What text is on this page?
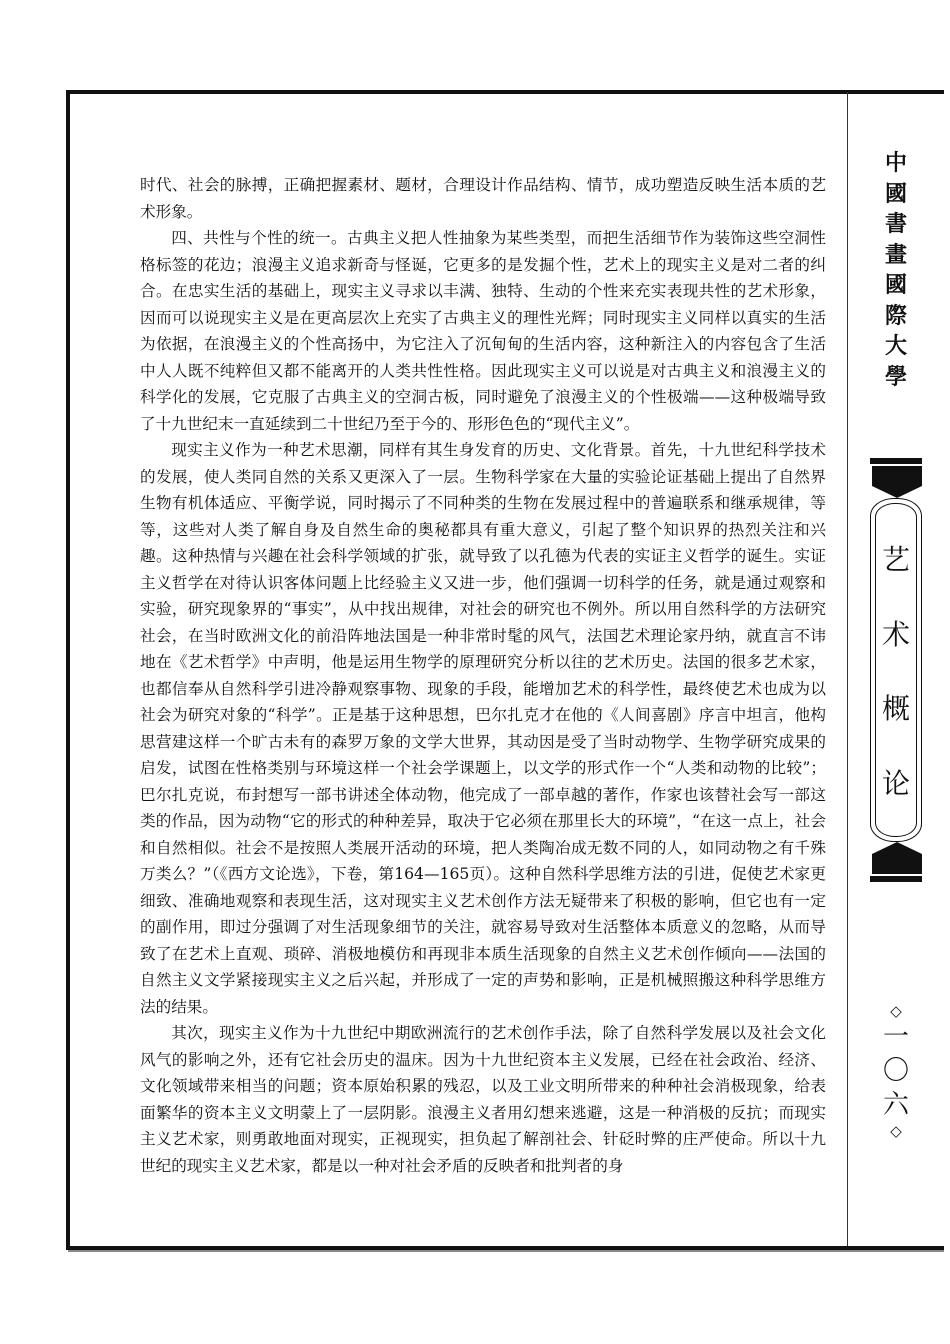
时代、社会的脉搏，正确把握素材、题材，合理设计作品结构、情节，成功塑造反映生活本质的艺术形象。

四、共性与个性的统一。古典主义把人性抽象为某些类型，而把生活细节作为装饰这些空洞性格标签的花边；浪漫主义追求新奇与怪诞，它更多的是发掘个性，艺术上的现实主义是对二者的纠合。在忠实生活的基础上，现实主义寻求以丰满、独特、生动的个性来充实表现共性的艺术形象，因而可以说现实主义是在更高层次上充实了古典主义的理性光辉；同时现实主义同样以真实的生活为依据，在浪漫主义的个性高扬中，为它注入了沉甸甸的生活内容，这种新注入的内容包含了生活中人人既不纯粹但又都不能离开的人类共性性格。因此现实主义可以说是对古典主义和浪漫主义的科学化的发展，它克服了古典主义的空洞古板，同时避免了浪漫主义的个性极端——这种极端导致了十九世纪末一直延续到二十世纪乃至于今的、形形色色的“现代主义”。

现实主义作为一种艺术思潮，同样有其生身发育的历史、文化背景。首先，十九世纪科学技术的发展，使人类同自然的关系又更深入了一层。生物科学家在大量的实验论证基础上提出了自然界生物有机体适应、平衡学说，同时揭示了不同种类的生物在发展过程中的普遍联系和继承规律，等等，这些对人类了解自身及自然生命的奥秘都具有重大意义，引起了整个知识界的热烈关注和兴趣。这种热情与兴趣在社会科学领域的扩张，就导致了以孔德为代表的实证主义哲学的诞生。实证主义哲学在对待认识客体问题上比经验主义又进一步，他们强调一切科学的任务，就是通过观察和实验，研究现象界的“事实”，从中找出规律，对社会的研究也不例外。所以用自然科学的方法研究社会，在当时欧洲文化的前沿阵地法国是一种非常时髦的风气，法国艺术理论家丹纳，就直言不讳地在《艺术哲学》中声明，他是运用生物学的原理研究分析以往的艺术历史。法国的很多艺术家，也都信奉从自然科学引进冷静观察事物、现象的手段，能增加艺术的科学性，最终使艺术也成为以社会为研究对象的“科学”。正是基于这种思想，巴尔扎克才在他的《人间喜剧》序言中坦言，他构思营建这样一个旷古未有的森罗万象的文学大世界，其动因是受了当时动物学、生物学研究成果的启发，试图在性格类别与环境这样一个社会学课题上，以文学的形式作一个“人类和动物的比较”；巴尔扎克说，布封想写一部书讲述全体动物，他完成了一部卓越的著作，作家也该替社会写一部这类的作品，因为动物“它的形式的种种差异，取决于它必须在那里长大的环境”，“在这一点上，社会和自然相似。社会不是按照人类展开活动的环境，把人类陶冶成无数不同的人，如同动物之有千殊万类么？”（《西方文论选》，下卷，第164—165页）。这种自然科学思维方法的引进，促使艺术家更细致、准确地观察和表现生活，这对现实主义艺术创作方法无疑带来了积极的影响，但它也有一定的副作用，即过分强调了对生活现象细节的关注，就容易导致对生活整体本质意义的忽略，从而导致了在艺术上直观、琐碎、消极地模仿和再现非本质生活现象的自然主义艺术创作倾向——法国的自然主义文学紧接现实主义之后兴起，并形成了一定的声势和影响，正是机械照搬这种科学思维方法的结果。

其次，现实主义作为十九世纪中期欧洲流行的艺术创作手法，除了自然科学发展以及社会文化风气的影响之外，还有它社会历史的温床。因为十九世纪资本主义发展，已经在社会政治、经济、文化领域带来相当的问题；资本原始积累的残忍，以及工业文明所带来的种种社会消极现象，给表面繁华的资本主义文明蒙上了一层阴影。浪漫主义者用幻想来逃避，这是一种消极的反抗；而现实主义艺术家，则勇敢地面对现实，正视现实，担负起了解剖社会、针砭时弊的庄严使命。所以十九世纪的现实主义艺术家，都是以一种对社会矛盾的反映者和批判者的身

中
國
書
畫
國
際
大
學
艺
术
概
论
◇
一
〇
六
◇
